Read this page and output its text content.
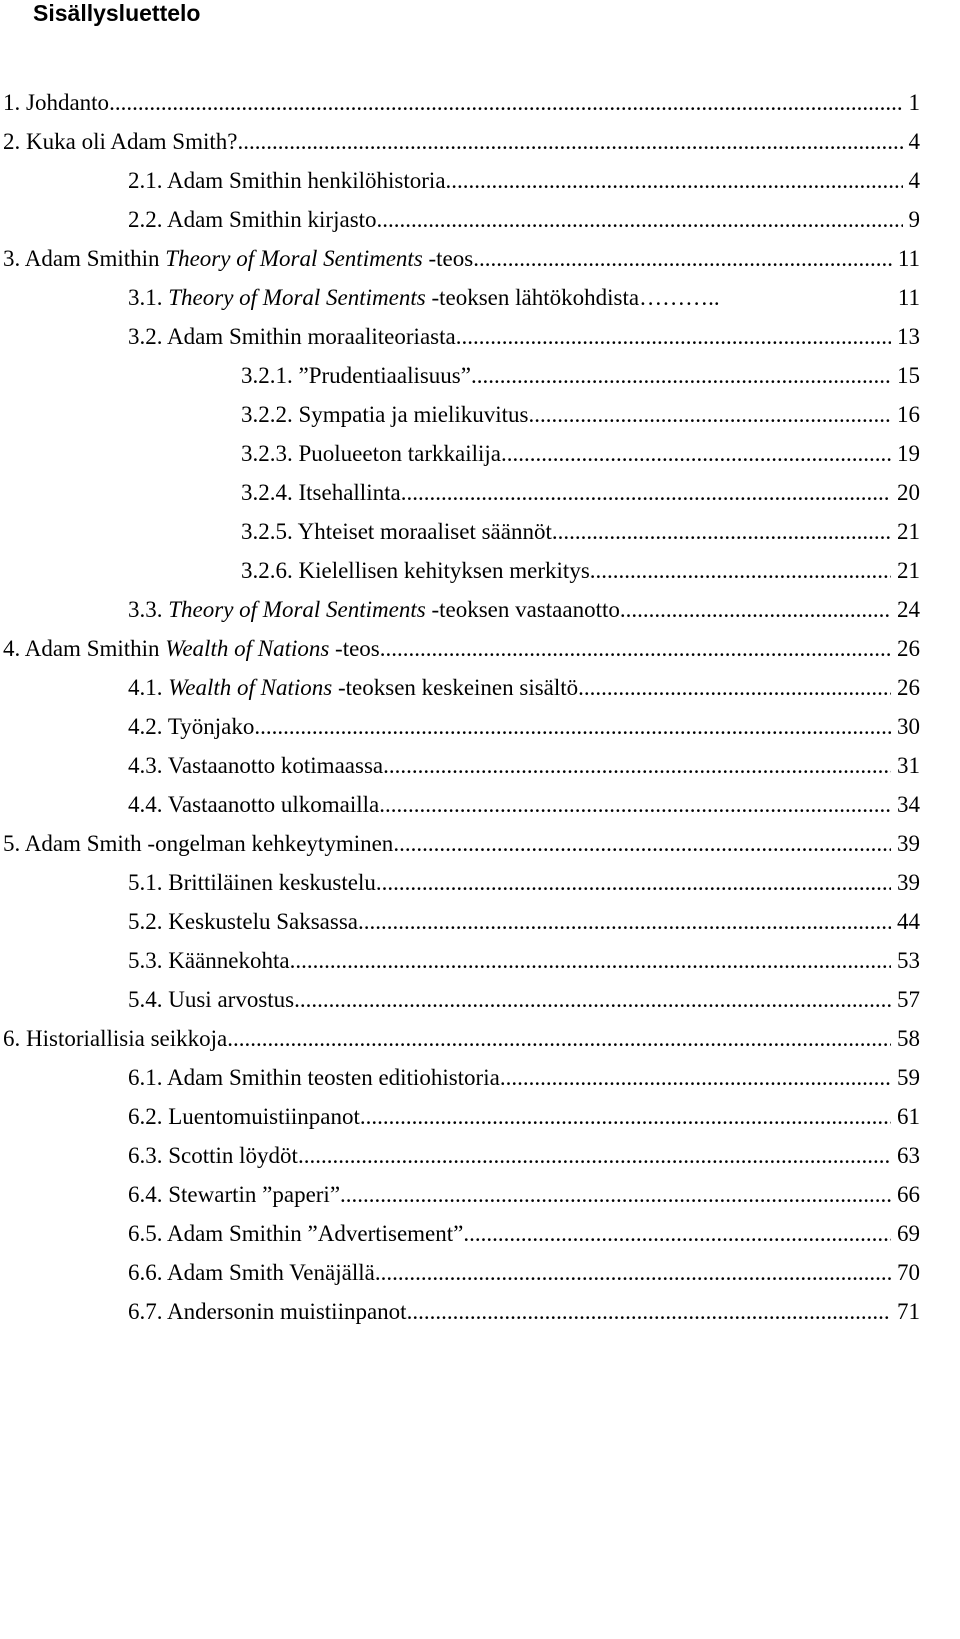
Sisällysluettelo
1. Johdanto .....	1
2. Kuka oli Adam Smith? .....	4
2.1. Adam Smithin henkilöhistoria .....	4
2.2. Adam Smithin kirjasto .....	9
3. Adam Smithin Theory of Moral Sentiments -teos .....	11
3.1. Theory of Moral Sentiments -teoksen lähtökohdista ………..	11
3.2. Adam Smithin moraaliteoriasta .....	13
3.2.1. ”Prudentiaalisuus” .....	15
3.2.2. Sympatia ja mielikuvitus .....	16
3.2.3. Puolueeton tarkkailija .....	19
3.2.4. Itsehallinta .....	20
3.2.5. Yhteiset moraaliset säännöt .....	21
3.2.6. Kielellisen kehityksen merkitys .....	21
3.3. Theory of Moral Sentiments -teoksen vastaanotto .....	24
4. Adam Smithin Wealth of Nations -teos .....	26
4.1. Wealth of Nations -teoksen keskeinen sisältö .....	26
4.2. Työnjako .....	30
4.3. Vastaanotto kotimaassa .....	31
4.4. Vastaanotto ulkomailla .....	34
5. Adam Smith -ongelman kehkeytyminen .....	39
5.1. Brittiläinen keskustelu .....	39
5.2. Keskustelu Saksassa .....	44
5.3. Käännekohta .....	53
5.4. Uusi arvostus .....	57
6. Historiallisia seikkoja .....	58
6.1. Adam Smithin teosten editiohistoria .....	59
6.2. Luentomuistiinpanot .....	61
6.3. Scottin löydöt .....	63
6.4. Stewartin ”paperi” .....	66
6.5. Adam Smithin ”Advertisement” .....	69
6.6. Adam Smith Venäjällä .....	70
6.7. Andersonin muistiinpanot .....	71
